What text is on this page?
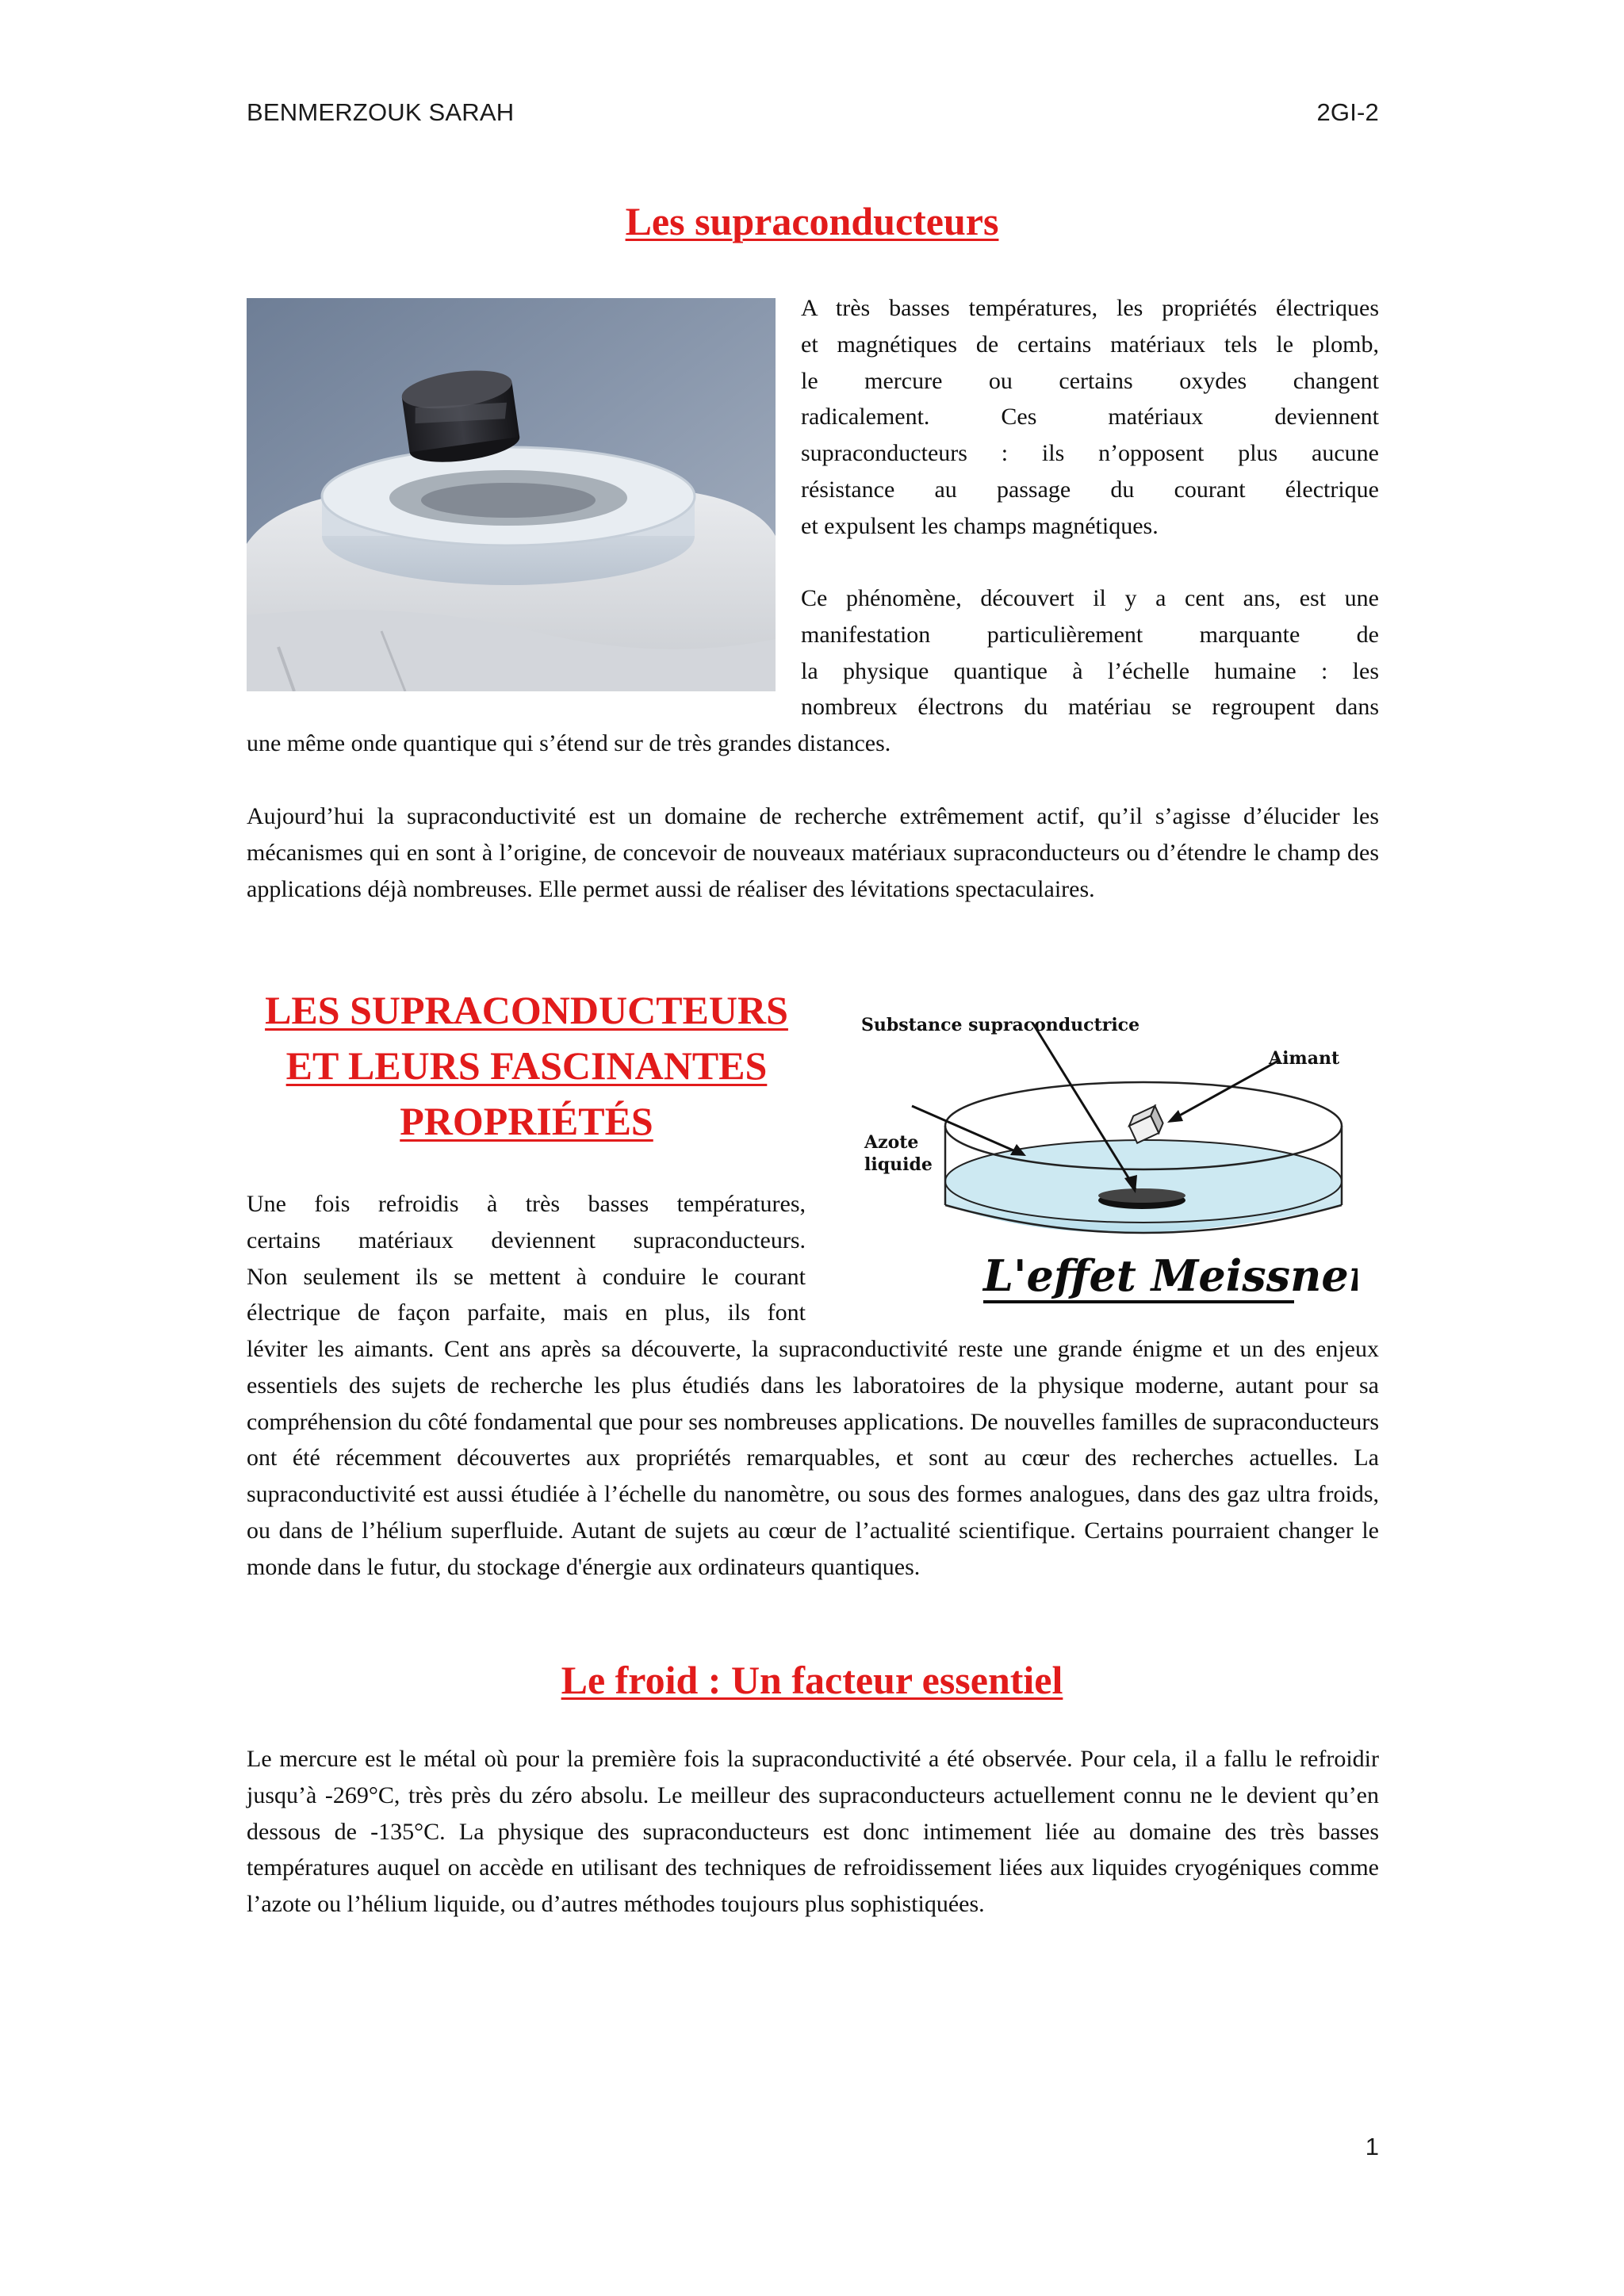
BENMERZOUK SARAH	2GI-2
Les supraconducteurs
A très basses températures, les propriétés électriques
et magnétiques de certains matériaux tels le plomb,
le mercure ou certains oxydes changent
radicalement. Ces matériaux deviennent
supraconducteurs : ils n’opposent plus aucune
résistance au passage du courant électrique
et expulsent les champs magnétiques.
Ce phénomène, découvert il y a cent ans, est une
manifestation particulièrement marquante de
la physique quantique à l’échelle humaine : les
nombreux électrons du matériau se regroupent dans
une même onde quantique qui s’étend sur de très grandes distances.
Aujourd’hui la supraconductivité est un domaine de recherche extrêmement actif, qu’il s’agisse d’élucider les mécanismes qui en sont à l’origine, de concevoir de nouveaux matériaux supraconducteurs ou d’étendre le champ des applications déjà nombreuses. Elle permet aussi de réaliser des lévitations spectaculaires.
LES SUPRACONDUCTEURS
ET LEURS FASCINANTES
PROPRIÉTÉS
Substance supraconductrice
Aimant
Azote
liquide
L'effet Meissner
Une fois refroidis à très basses températures,
certains matériaux deviennent supraconducteurs.
Non seulement ils se mettent à conduire le courant
électrique de façon parfaite, mais en plus, ils font
léviter les aimants. Cent ans après sa découverte, la supraconductivité reste une grande énigme et un des enjeux essentiels des sujets de recherche les plus étudiés dans les laboratoires de la physique moderne, autant pour sa compréhension du côté fondamental que pour ses nombreuses applications. De nouvelles familles de supraconducteurs ont été récemment découvertes aux propriétés remarquables, et sont au cœur des recherches actuelles. La supraconductivité est aussi étudiée à l’échelle du nanomètre, ou sous des formes analogues, dans des gaz ultra froids, ou dans de l’hélium superfluide. Autant de sujets au cœur de l’actualité scientifique. Certains pourraient changer le monde dans le futur, du stockage d'énergie aux ordinateurs quantiques.
Le froid : Un facteur essentiel
Le mercure est le métal où pour la première fois la supraconductivité a été observée. Pour cela, il a fallu le refroidir jusqu’à -269°C, très près du zéro absolu. Le meilleur des supraconducteurs actuellement connu ne le devient qu’en dessous de -135°C. La physique des supraconducteurs est donc intimement liée au domaine des très basses températures auquel on accède en utilisant des techniques de refroidissement liées aux liquides cryogéniques comme l’azote ou l’hélium liquide, ou d’autres méthodes toujours plus sophistiquées.
1
